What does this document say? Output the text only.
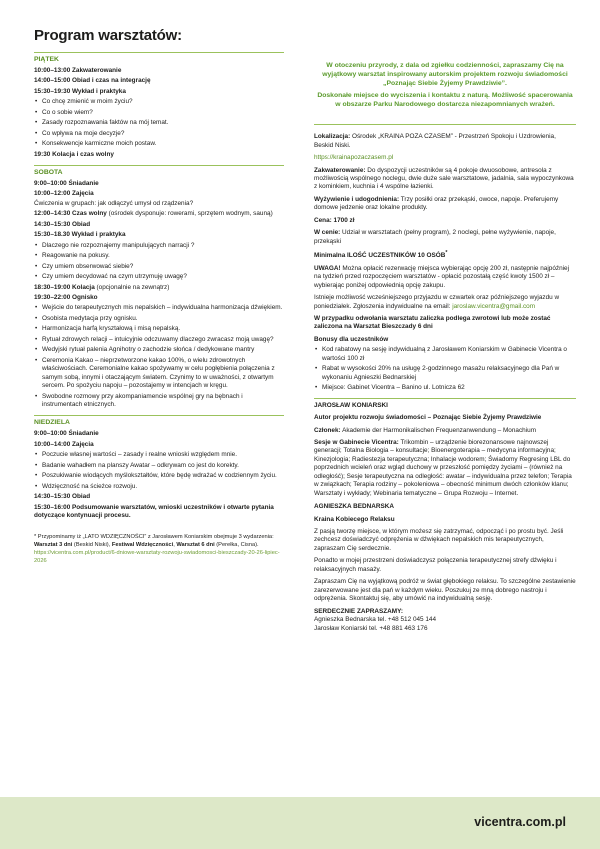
Program warsztatów:
PIĄTEK
10:00–13:00 Zakwaterowanie
14:00–15:00 Obiad i czas na integrację
15:30–19:30 Wykład i praktyka
• Co chcę zmienić w moim życiu?
• Co o sobie wiem?
• Zasady rozpoznawania faktów na mój temat.
• Co wpływa na moje decyzje?
• Konsekwencje karmiczne moich postaw.
19:30 Kolacja i czas wolny
SOBOTA
9:00–10:00 Śniadanie
10:00–12:00 Zajęcia
Ćwiczenia w grupach: jak odłączyć umysł od rządzenia?
12:00–14:30 Czas wolny (ośrodek dysponuje: rowerami, sprzętem wodnym, sauną)
14:30–15:30 Obiad
15:30–18.30 Wykład i praktyka
• Dlaczego nie rozpoznajemy manipulujących narracji ?
• Reagowanie na pokusy.
• Czy umiem obserwować siebie?
• Czy umiem decydować na czym utrzymuję uwagę?
18:30–19:00 Kolacja (opcjonalnie na zewnątrz)
19:30–22:00 Ognisko
• Wejście do terapeutycznych mis nepalskich – indywidualna harmonizacja dźwiękiem.
• Osobista medytacja przy ognisku.
• Harmonizacja harfą kryształową i misą nepalską.
• Rytuał zdrowych relacji – intuicyjnie odczuwamy dlaczego zwracasz moją uwagę?
• Wedyjski rytuał palenia Agnihotry o zachodzie słońca / dedykowane mantry
• Ceremonia Kakao – nieprzetworzone kakao 100%, o wielu zdrowotnych właściwościach. Ceremonialne kakao spożywamy w celu pogłębienia połączenia z samym sobą, innymi i otaczającym światem. Czynimy to w uważności, z otwartym sercem. Po spożyciu napoju – pozostajemy w intencjach w kręgu.
• Swobodne rozmowy przy akompaniamencie wspólnej gry na bębnach i instrumentach etnicznych.
NIEDZIELA
9:00–10:00 Śniadanie
10:00–14:00 Zajęcia
• Poczucie własnej wartości – zasady i realne wnioski względem mnie.
• Badanie wahadłem na planszy Awatar – odkrywam co jest do korekty.
• Poszukiwanie wiodących myślokształtów, które będę wdrażać w codziennym życiu.
• Wdzięczność na ścieżce rozwoju.
14:30–15:30 Obiad
15:30–16:00 Podsumowanie warsztatów, wnioski uczestników i otwarte pytania dotyczące kontynuacji procesu.
* Przypominamy iż „LATO WDZIĘCZNOŚCI” z Jarosławem Koniarskim obejmuje 3 wydarzenia: Warsztat 3 dni (Beskid Niski), Festiwal Wdzięczności, Warsztat 6 dni (Perełka, Cisna).
https://vicentra.com.pl/product/6-dniowe-warsztaty-rozwoju-swiadomosci-bieszczady-20-26-lipiec-2026
W otoczeniu przyrody, z dala od zgiełku codzienności, zapraszamy Cię na wyjątkowy warsztat inspirowany autorskim projektem rozwoju świadomości „Poznając Siebie Żyjemy Prawdziwie”.
Doskonałe miejsce do wyciszenia i kontaktu z naturą. Możliwość spacerowania w obszarze Parku Narodowego dostarcza niezapomnianych wrażeń.

Lokalizacja: Ośrodek „KRAINA POZA CZASEM” - Przestrzeń Spokoju i Uzdrowienia, Beskid Niski.

https://krainapozaczasem.pl

Zakwaterowanie: Do dyspozycji uczestników są 4 pokoje dwuosobowe, antresola z możliwością wspólnego noclegu, dwie duże sale warsztatowe, jadalnia, sala wypoczynkowa z kominkiem, kuchnia i 4 wspólne łazienki.

Wyżywienie i udogodnienia: Trzy posiłki oraz przekąski, owoce, napoje. Preferujemy domowe jedzenie oraz lokalne produkty.

Cena: 1700 zł

W cenie: Udział w warsztatach (pełny program), 2 noclegi, pełne wyżywienie, napoje, przekąski

Minimalna ILOŚĆ UCZESTNIKÓW 10 OSÓB*

UWAGA! Można opłacić rezerwację miejsca wybierając opcję 200 zł, następnie najpóźniej na tydzień przed rozpoczęciem warsztatów - opłacić pozostałą część kwoty 1500 zł – wybierając poniżej odpowiednią opcję zakupu.

Istnieje możliwość wcześniejszego przyjazdu w czwartek oraz późniejszego wyjazdu w poniedziałek. Zgłoszenia indywidualne na email: jaroslaw.vicentra@gmail.com

W przypadku odwołania warsztatu zaliczka podlega zwrotowi lub może zostać zaliczona na Warsztat Bieszczady 6 dni

Bonusy dla uczestników

• Kod rabatowy na sesję indywidualną z Jarosławem Koniarskim w Gabinecie Vicentra o wartości 100 zł
• Rabat w wysokości 20% na usługę 2-godzinnego masażu relaksacyjnego dla Pań w wykonaniu Agnieszki Bednarskiej
• Miejsce: Gabinet Vicentra – Banino ul. Lotnicza 62
JAROSŁAW KONIARSKI

Autor projektu rozwoju świadomości – Poznając Siebie Żyjemy Prawdziwie

Członek: Akademie der Harmonikalischen Frequenzanwendung – Monachium

Sesje w Gabinecie Vicentra: Trikombin – urządzenie biorezonansowe najnowszej generacji; Totalna Biologia – konsultacje; Bioenergoterapia – medycyna informacyjna; Kinezjologia; Radiestezja terapeutyczna; Inhalacje wodorem; Świadomy Regresing LBL do poprzednich wcieleń oraz wgląd duchowy w przeszłość pomiędzy życiami – (również na odległość); Sesje terapeutyczna na odległość: awatar – indywidualna przez telefon; Terapia w związkach; Terapia rodziny – pokoleniowa – obecność minimum dwóch członków klanu; Warsztaty i wykłady; Webinaria tematyczne – Grupa Rozwoju – Internet.

AGNIESZKA BEDNARSKA

Kraina Kobiecego Relaksu

Z pasją tworzę miejsce, w którym możesz się zatrzymać, odpocząć i po prostu być. Jeśli zechcesz doświadczyć odprężenia w dźwiękach nepalskich mis terapeutycznych, zapraszam Cię serdecznie.

Ponadto w mojej przestrzeni doświadczysz połączenia terapeutycznej strefy dźwięku i relaksacyjnych masaży.

Zapraszam Cię na wyjątkową podróż w świat głębokiego relaksu. To szczególne zestawienie zarezerwowane jest dla pań w każdym wieku. Poszukuj ze mną dobrego nastroju i odprężenia. Skontaktuj się, aby umówić na indywidualną sesję.

SERDECZNIE ZAPRASZAMY:

Agnieszka Bednarska tel. +48 512 045 144
Jarosław Koniarski tel. +48 881 463 176
vicentra.com.pl
